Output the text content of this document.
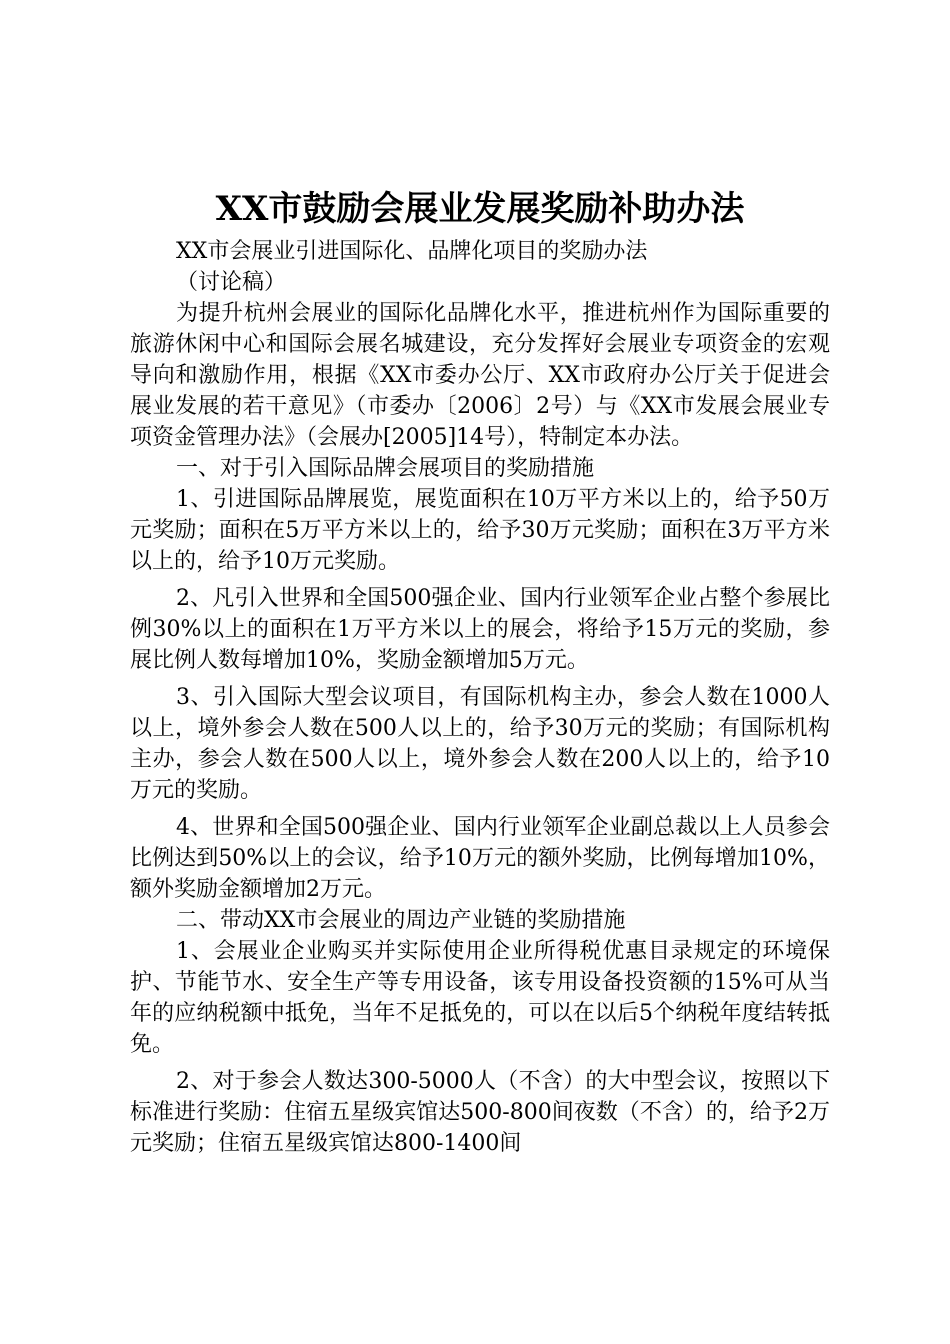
XX市鼓励会展业发展奖励补助办法

XX市会展业引进国际化、品牌化项目的奖励办法

（讨论稿）

为提升杭州会展业的国际化品牌化水平，推进杭州作为国际重要的旅游休闲中心和国际会展名城建设，充分发挥好会展业专项资金的宏观导向和激励作用，根据《XX市委办公厅、XX市政府办公厅关于促进会展业发展的若干意见》（市委办〔2006〕2号）与《XX市发展会展业专项资金管理办法》（会展办[2005]14号），特制定本办法。

一、对于引入国际品牌会展项目的奖励措施

1、引进国际品牌展览，展览面积在10万平方米以上的，给予50万元奖励；面积在5万平方米以上的，给予30万元奖励；面积在3万平方米以上的，给予10万元奖励。

2、凡引入世界和全国500强企业、国内行业领军企业占整个参展比例30%以上的面积在1万平方米以上的展会，将给予15万元的奖励，参展比例人数每增加10%，奖励金额增加5万元。

3、引入国际大型会议项目，有国际机构主办，参会人数在1000人以上，境外参会人数在500人以上的，给予30万元的奖励；有国际机构主办，参会人数在500人以上，境外参会人数在200人以上的，给予10万元的奖励。

4、世界和全国500强企业、国内行业领军企业副总裁以上人员参会比例达到50%以上的会议，给予10万元的额外奖励，比例每增加10%，额外奖励金额增加2万元。

二、带动XX市会展业的周边产业链的奖励措施

1、会展业企业购买并实际使用企业所得税优惠目录规定的环境保护、节能节水、安全生产等专用设备，该专用设备投资额的15%可从当年的应纳税额中抵免，当年不足抵免的，可以在以后5个纳税年度结转抵免。

2、对于参会人数达300-5000人（不含）的大中型会议，按照以下标准进行奖励：住宿五星级宾馆达500-800间夜数（不含）的，给予2万元奖励；住宿五星级宾馆达800-1400间
